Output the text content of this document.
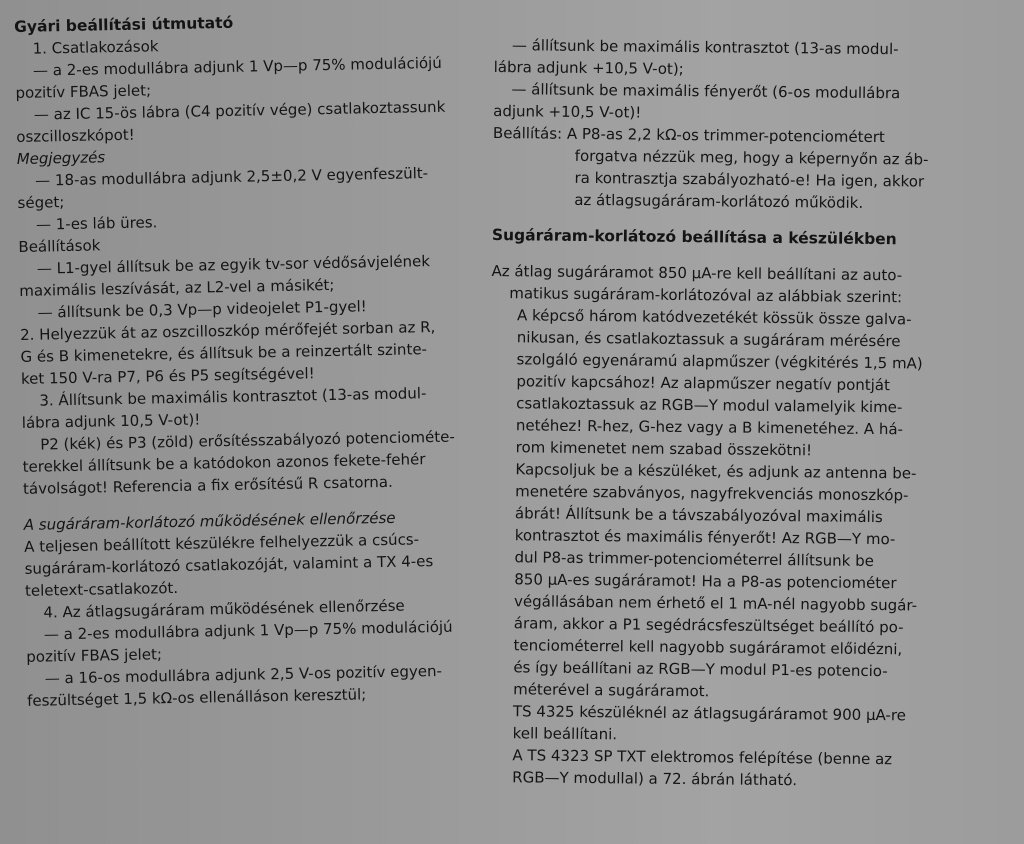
Gyári beállítási útmutató
1. Csatlakozások
— a 2-es modullábra adjunk 1 Vp—p 75% modulációjú
pozitív FBAS jelet;
— az IC 15-ös lábra (C4 pozitív vége) csatlakoztassunk
oszcilloszkópot!
Megjegyzés
— 18-as modullábra adjunk 2,5±0,2 V egyenfeszült-
séget;
— 1-es láb üres.
Beállítások
— L1-gyel állítsuk be az egyik tv-sor védősávjelének
maximális leszívását, az L2-vel a másikét;
— állítsunk be 0,3 Vp—p videojelet P1-gyel!
2. Helyezzük át az oszcilloszkóp mérőfejét sorban az R,
G és B kimenetekre, és állítsuk be a reinzertált szinte-
ket 150 V-ra P7, P6 és P5 segítségével!
3. Állítsunk be maximális kontrasztot (13-as modul-
lábra adjunk 10,5 V-ot)!
P2 (kék) és P3 (zöld) erősítésszabályozó potenciométe-
terekkel állítsunk be a katódokon azonos fekete-fehér
távolságot! Referencia a fix erősítésű R csatorna.
A sugáráram-korlátozó működésének ellenőrzése
A teljesen beállított készülékre felhelyezzük a csúcs-
sugáráram-korlátozó csatlakozóját, valamint a TX 4-es
teletext-csatlakozót.
4. Az átlagsugáráram működésének ellenőrzése
— a 2-es modullábra adjunk 1 Vp—p 75% modulációjú
pozitív FBAS jelet;
— a 16-os modullábra adjunk 2,5 V-os pozitív egyen-
feszültséget 1,5 kΩ-os ellenálláson keresztül;
— állítsunk be maximális kontrasztot (13-as modul-
lábra adjunk +10,5 V-ot);
— állítsunk be maximális fényerőt (6-os modullábra
adjunk +10,5 V-ot)!
Beállítás: A P8-as 2,2 kΩ-os trimmer-potenciométert
forgatva nézzük meg, hogy a képernyőn az áb-
ra kontrasztja szabályozható-e! Ha igen, akkor
az átlagsugáráram-korlátozó működik.
Sugáráram-korlátozó beállítása a készülékben
Az átlag sugáráramot 850 µA-re kell beállítani az auto-
matikus sugáráram-korlátozóval az alábbiak szerint:
A képcső három katódvezetékét kössük össze galva-
nikusan, és csatlakoztassuk a sugáráram mérésére
szolgáló egyenáramú alapműszer (végkitérés 1,5 mA)
pozitív kapcsához! Az alapműszer negatív pontját
csatlakoztassuk az RGB—Y modul valamelyik kime-
netéhez! R-hez, G-hez vagy a B kimenetéhez. A há-
rom kimenetet nem szabad összekötni!
Kapcsoljuk be a készüléket, és adjunk az antenna be-
menetére szabványos, nagyfrekvenciás monoszkóp-
ábrát! Állítsunk be a távszabályozóval maximális
kontrasztot és maximális fényerőt! Az RGB—Y mo-
dul P8-as trimmer-potenciométerrel állítsunk be
850 µA-es sugáráramot! Ha a P8-as potenciométer
végállásában nem érhető el 1 mA-nél nagyobb sugár-
áram, akkor a P1 segédrácsfeszültséget beállító po-
tenciométerrel kell nagyobb sugáráramot előidézni,
és így beállítani az RGB—Y modul P1-es potencio-
méterével a sugáráramot.
TS 4325 készüléknél az átlagsugáráramot 900 µA-re
kell beállítani.
A TS 4323 SP TXT elektromos felépítése (benne az
RGB—Y modullal) a 72. ábrán látható.
